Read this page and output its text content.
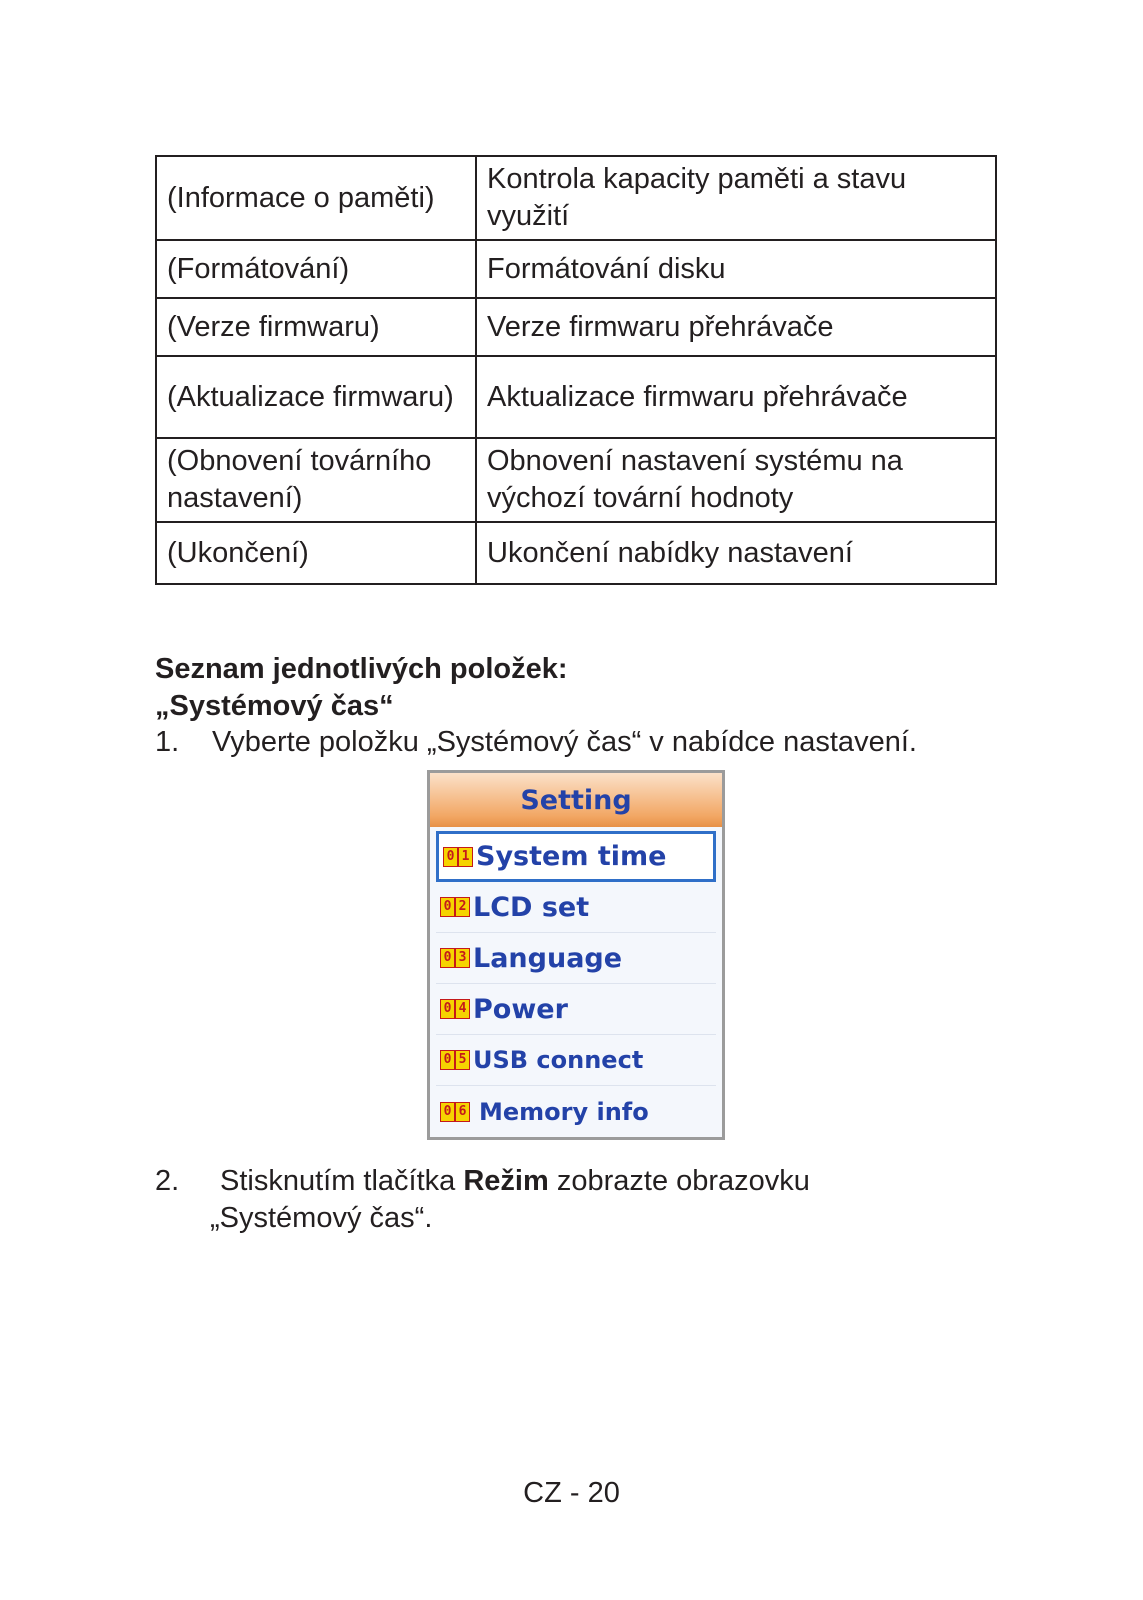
(Informace o paměti)	Kontrola kapacity paměti a stavu využití
(Formátování)	Formátování disku
(Verze firmwaru)	Verze firmwaru přehrávače
(Aktualizace firmwaru)	Aktualizace firmwaru přehrávače
(Obnovení továrního nastavení)	Obnovení nastavení systému na výchozí tovární hodnoty
(Ukončení)	Ukončení nabídky nastavení
Seznam jednotlivých položek:
„Systémový čas“
1. Vyberte položku „Systémový čas“ v nabídce nastavení.
Setting
0 1 System time
0 2 LCD set
0 3 Language
0 4 Power
0 5 USB connect
0 6 Memory info
2. Stisknutím tlačítka Režim zobrazte obrazovku
„Systémový čas“.
CZ - 20
